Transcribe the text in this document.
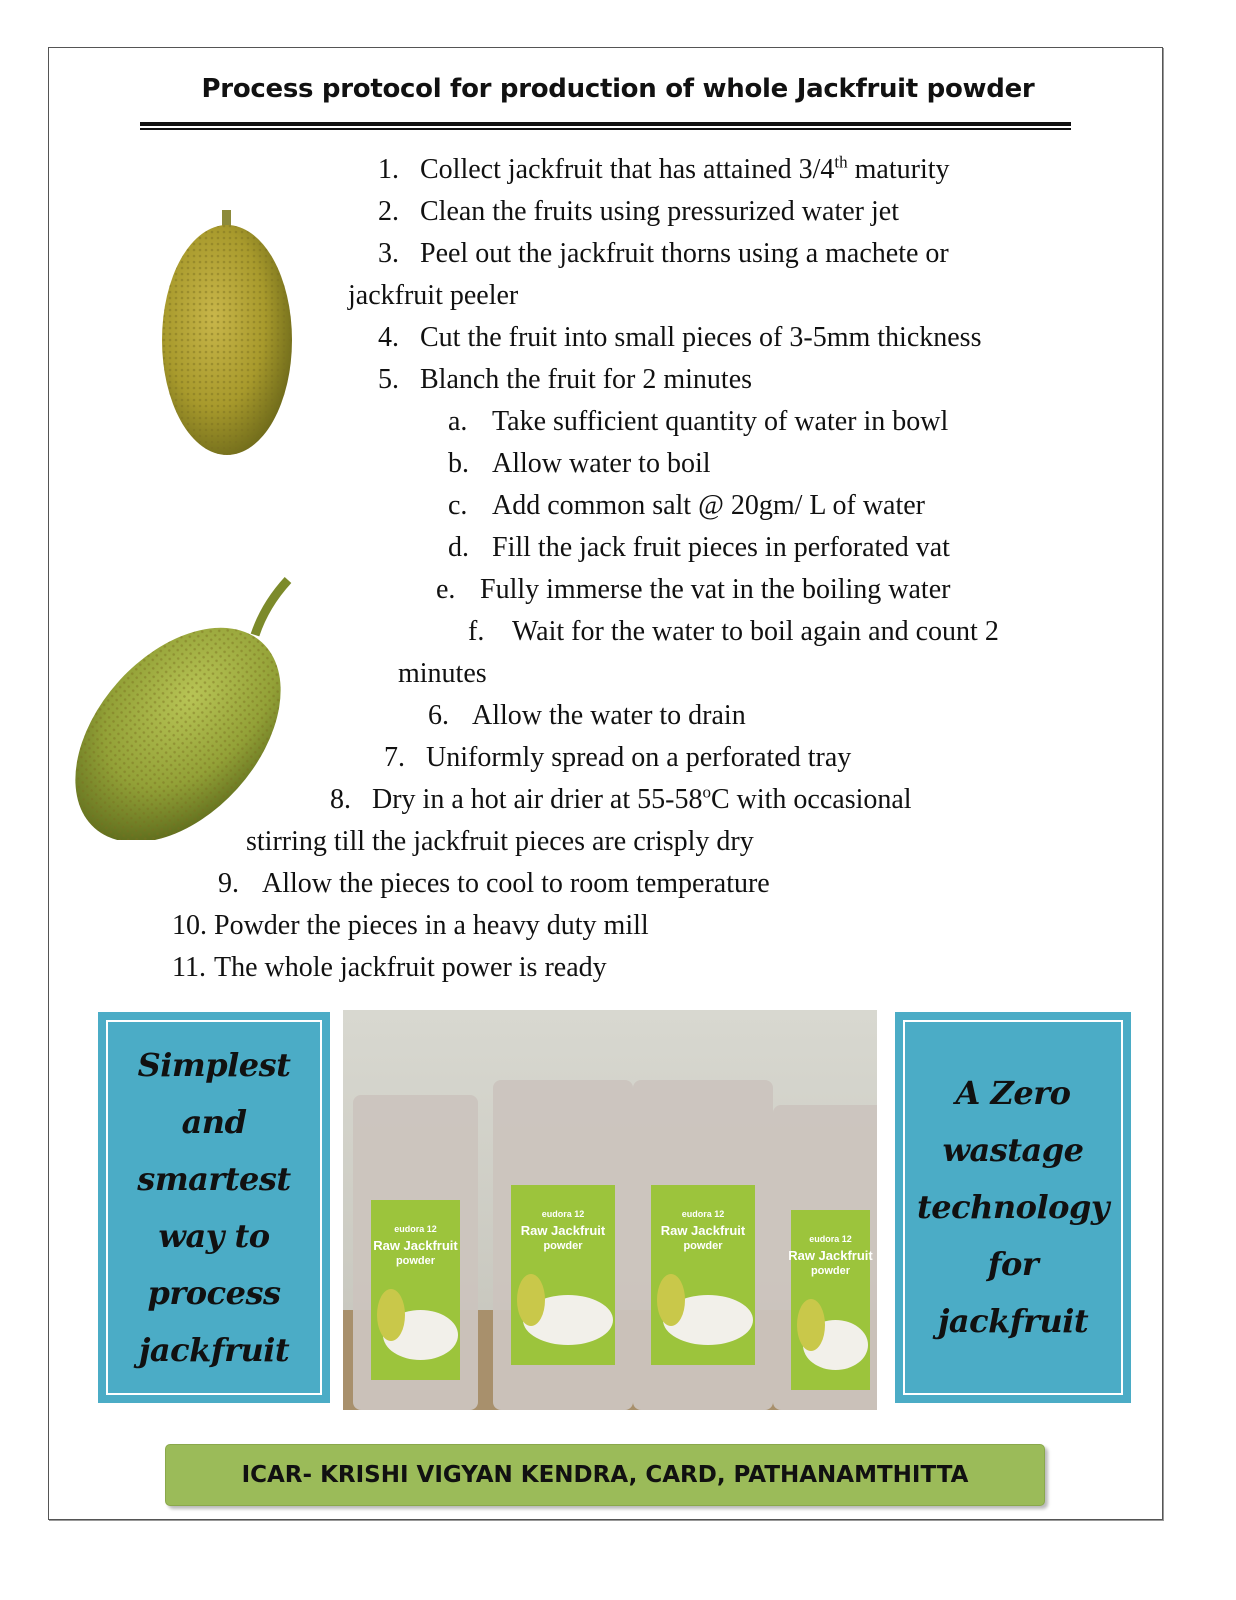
Process protocol for production of whole Jackfruit powder
1. Collect jackfruit that has attained 3/4th maturity
2. Clean the fruits using pressurized water jet
3. Peel out the jackfruit thorns using a machete or
jackfruit peeler
4. Cut the fruit into small pieces of 3-5mm thickness
5. Blanch the fruit for 2 minutes
a. Take sufficient quantity of water in bowl
b. Allow water to boil
c. Add common salt @ 20gm/ L of water
d. Fill the jack fruit pieces in perforated vat
e. Fully immerse the vat in the boiling water
f. Wait for the water to boil again and count 2
minutes
6. Allow the water to drain
7. Uniformly spread on a perforated tray
8. Dry in a hot air drier at 55-58$^o$C with occasional
stirring till the jackfruit pieces are crisply dry
9. Allow the pieces to cool to room temperature
10. Powder the pieces in a heavy duty mill
11. The whole jackfruit power is ready
Simplest
and
smartest
way to
process
jackfruit
eudora 12
Raw Jackfruit
powder
eudora 12
Raw Jackfruit
powder
eudora 12
Raw Jackfruit
powder
eudora 12
Raw Jackfruit
powder
A Zero
wastage
technology
for
jackfruit
ICAR- KRISHI VIGYAN KENDRA, CARD, PATHANAMTHITTA
